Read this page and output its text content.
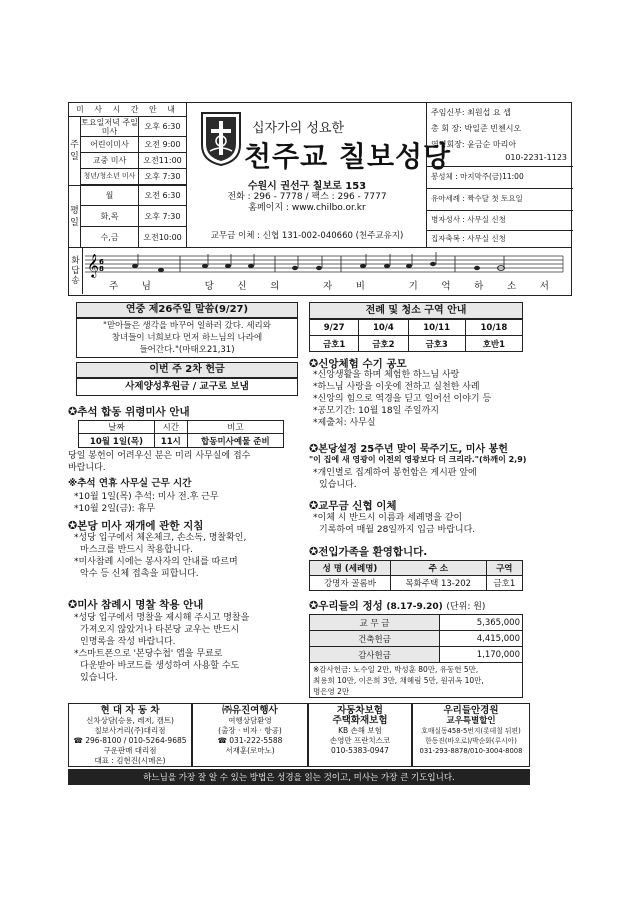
미 사 시 간 안 내
주일
토요일저녁 주일미사	오후 6:30
어린이미사	오전 9:00
교중 미사	오전11:00
청년/청소년 미사	오후 7:30
평일
월	오전 6:30
화,목	오후 7:30
수,금	오전10:00
십자가의 성요한
천주교 칠보성당
수원시 권선구 칠보로 153
전화 : 296 - 7778 / 팩스 : 296 - 7777
홈페이지 : www.chilbo.or.kr
교무금 이체 : 신협 131-002-040660 (천주교유지)
주임신부: 최원섭 요 셉
총 회 장: 박일준 빈첸시오
연령회장: 윤금순 마리아
010-2231-1123
봉성체 : 마지막주(금)11:00
유아세례 : 짝수달 첫 토요일
병자성사 : 사무실 신청
집자축복 : 사무실 신청
화답송
𝄞 6
8
주 님	당 신 의	자 비	기 억 하 소 서
연중 제26주일 말씀(9/27)
"맏아들은 생각을 바꾸어 일하러 갔다. 세리와
창녀들이 너희보다 먼저 하느님의 나라에
들어간다."(마태오21,31)
이번 주 2차 헌금
사제양성후원금 / 교구로 보냄
✪추석 합동 위령미사 안내
날짜	시간	비고
10월 1일(목)	11시	합동미사예물 준비
당일 봉헌이 어려우신 분은 미리 사무실에 접수
바랍니다.
※추석 연휴 사무실 근무 시간
*10월 1일(목) 추석: 미사 전.후 근무
*10월 2일(금): 휴무
✪본당 미사 재개에 관한 지침
*성당 입구에서 체온체크, 손소독, 명찰확인,
마스크를 반드시 착용합니다.
*미사참례 시에는 봉사자의 안내를 따르며
악수 등 신체 접촉을 피합니다.
✪미사 참례시 명찰 착용 안내
*성당 입구에서 명찰을 제시해 주시고 명찰을
가져오지 않았거나 타본당 교우는 반드시
인명록을 작성 바랍니다.
*스마트폰으로 '본당수첩' 앱을 무료로
다운받아 바코드를 생성하여 사용할 수도
있습니다.
전례 및 청소 구역 안내
9/27	10/4	10/11	10/18
금호1	금호2	금호3	호반1
✪신앙체험 수기 공모
*신앙생활을 하며 체험한 하느님 사랑
*하느님 사랑을 이웃에 전하고 실천한 사례
*신앙의 힘으로 역경을 딛고 일어선 이야기 등
*공모기간: 10월 18일 주일까지
*제출처: 사무실
✪본당설정 25주년 맞이 묵주기도, 미사 봉헌
"이 집에 새 영광이 이전의 영광보다 더 크리라."(하깨이 2,9)
*개인별로 집계하여 봉헌함은 게시판 앞에
있습니다.
✪교무금 신협 이체
*이체 시 반드시 이름과 세례명을 같이
기록하여 매월 28일까지 입금 바랍니다.
✪전입가족을 환영합니다.
성 명 (세례명)	주 소	구역
강명자 골롬바	목화주택 13-202	금호1
✪우리들의 정성 (8.17-9.20) (단위: 원)
교 무 금	5,365,000
건축헌금	4,415,000
감사헌금	1,170,000
※감사헌금: 노수일 2만, 박성훈 80만, 유동헌 5만,
최용희 10만, 이은희 3만, 채혜림 5만, 원귀옥 10만,
명은영 2만
현 대 자 동 차
신차상담(승용, 레저, 캠트)
칠보사거리(주)대리점
☎ 296-8100 / 010-5264-9685
구운판매 대리점
대표 : 김현진(시메온)
㈜유진여행사
여행상담환영
(출장 · 비자 · 항공)
☎ 031-222-5588
서재훈(로마노)
자동차보험
주택화재보험
KB 손해 보험
손영만 프란치스코
010-5383-0947
우리들안경원
교우특별할인
호매실동458-5번지(롯데칠 뒤편)
한동진(바오로)/박순화(루시아)
031-293-8878/010-3004-8008
하느님을 가장 잘 알 수 있는 방법은 성경을 읽는 것이고, 미사는 가장 큰 기도입니다.
